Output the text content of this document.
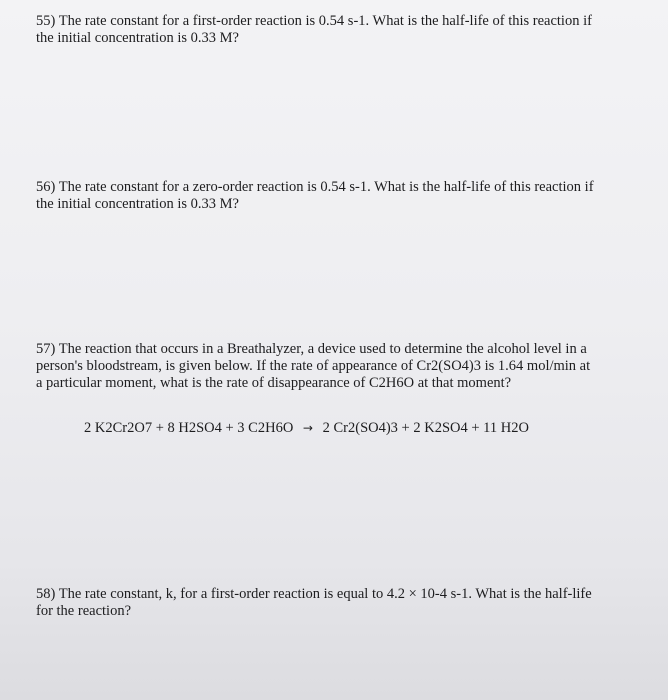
55) The rate constant for a first-order reaction is 0.54 s-1. What is the half-life of this reaction if
the initial concentration is 0.33 M?

56) The rate constant for a zero-order reaction is 0.54 s-1. What is the half-life of this reaction if
the initial concentration is 0.33 M?

57) The reaction that occurs in a Breathalyzer, a device used to determine the alcohol level in a
person's bloodstream, is given below. If the rate of appearance of Cr2(SO4)3 is 1.64 mol/min at
a particular moment, what is the rate of disappearance of C2H6O at that moment?

2 K2Cr2O7 + 8 H2SO4 + 3 C2H6O → 2 Cr2(SO4)3 + 2 K2SO4 + 11 H2O

58) The rate constant, k, for a first-order reaction is equal to 4.2 × 10-4 s-1. What is the half-life
for the reaction?
